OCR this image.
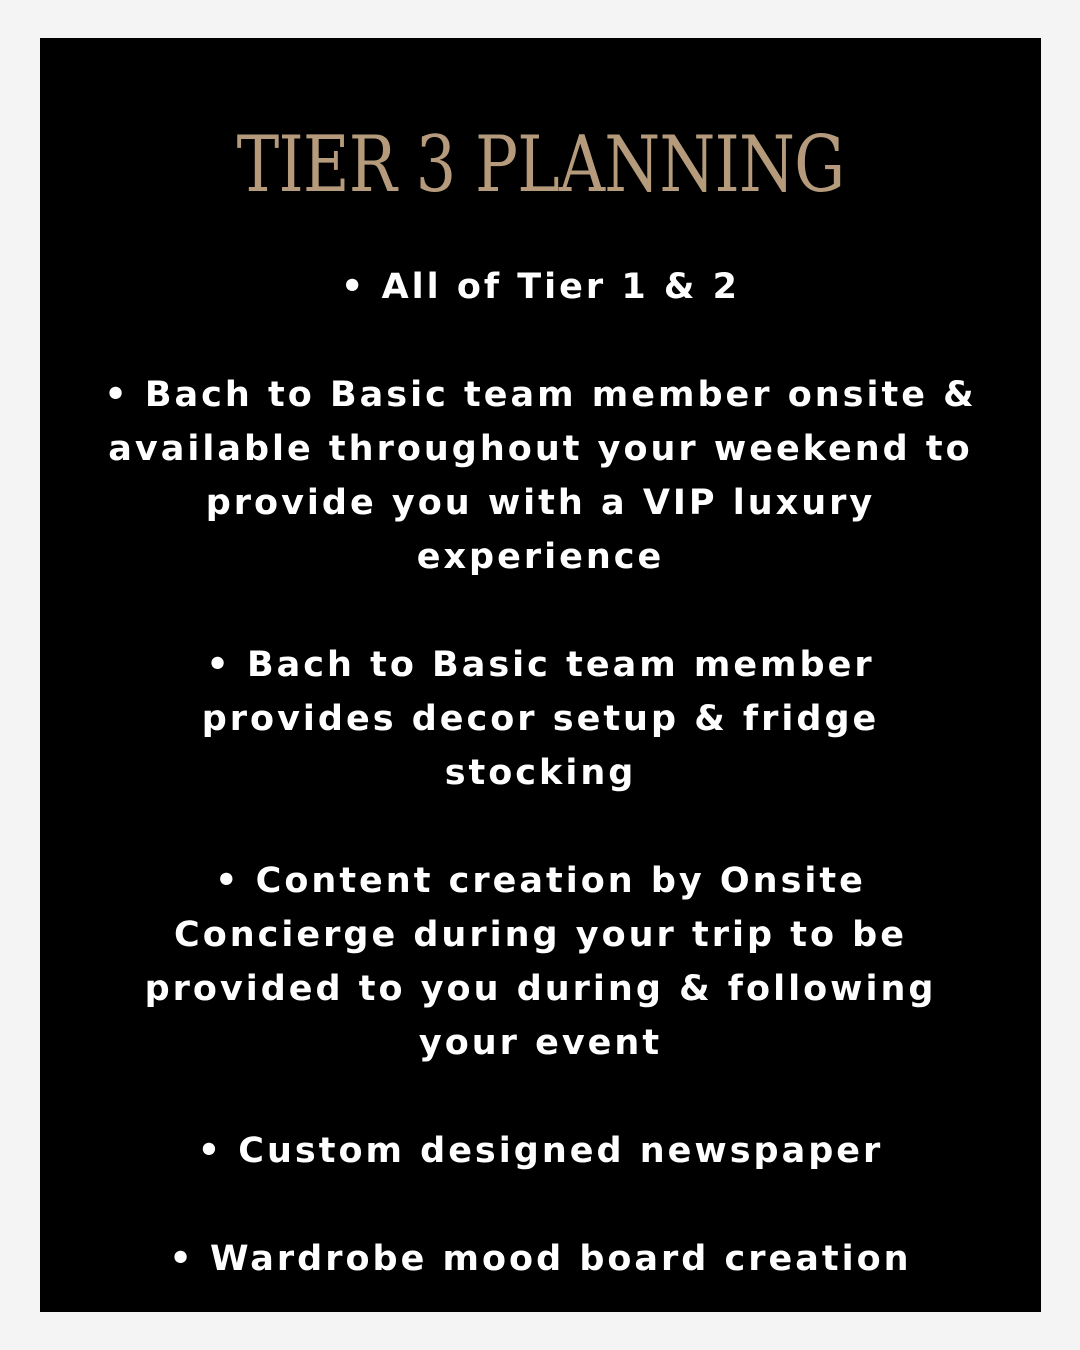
TIER 3 PLANNING
• All of Tier 1 & 2
• Bach to Basic team member onsite &
available throughout your weekend to
provide you with a VIP luxury
experience
• Bach to Basic team member
provides decor setup & fridge
stocking
• Content creation by Onsite
Concierge during your trip to be
provided to you during & following
your event
• Custom designed newspaper
• Wardrobe mood board creation
